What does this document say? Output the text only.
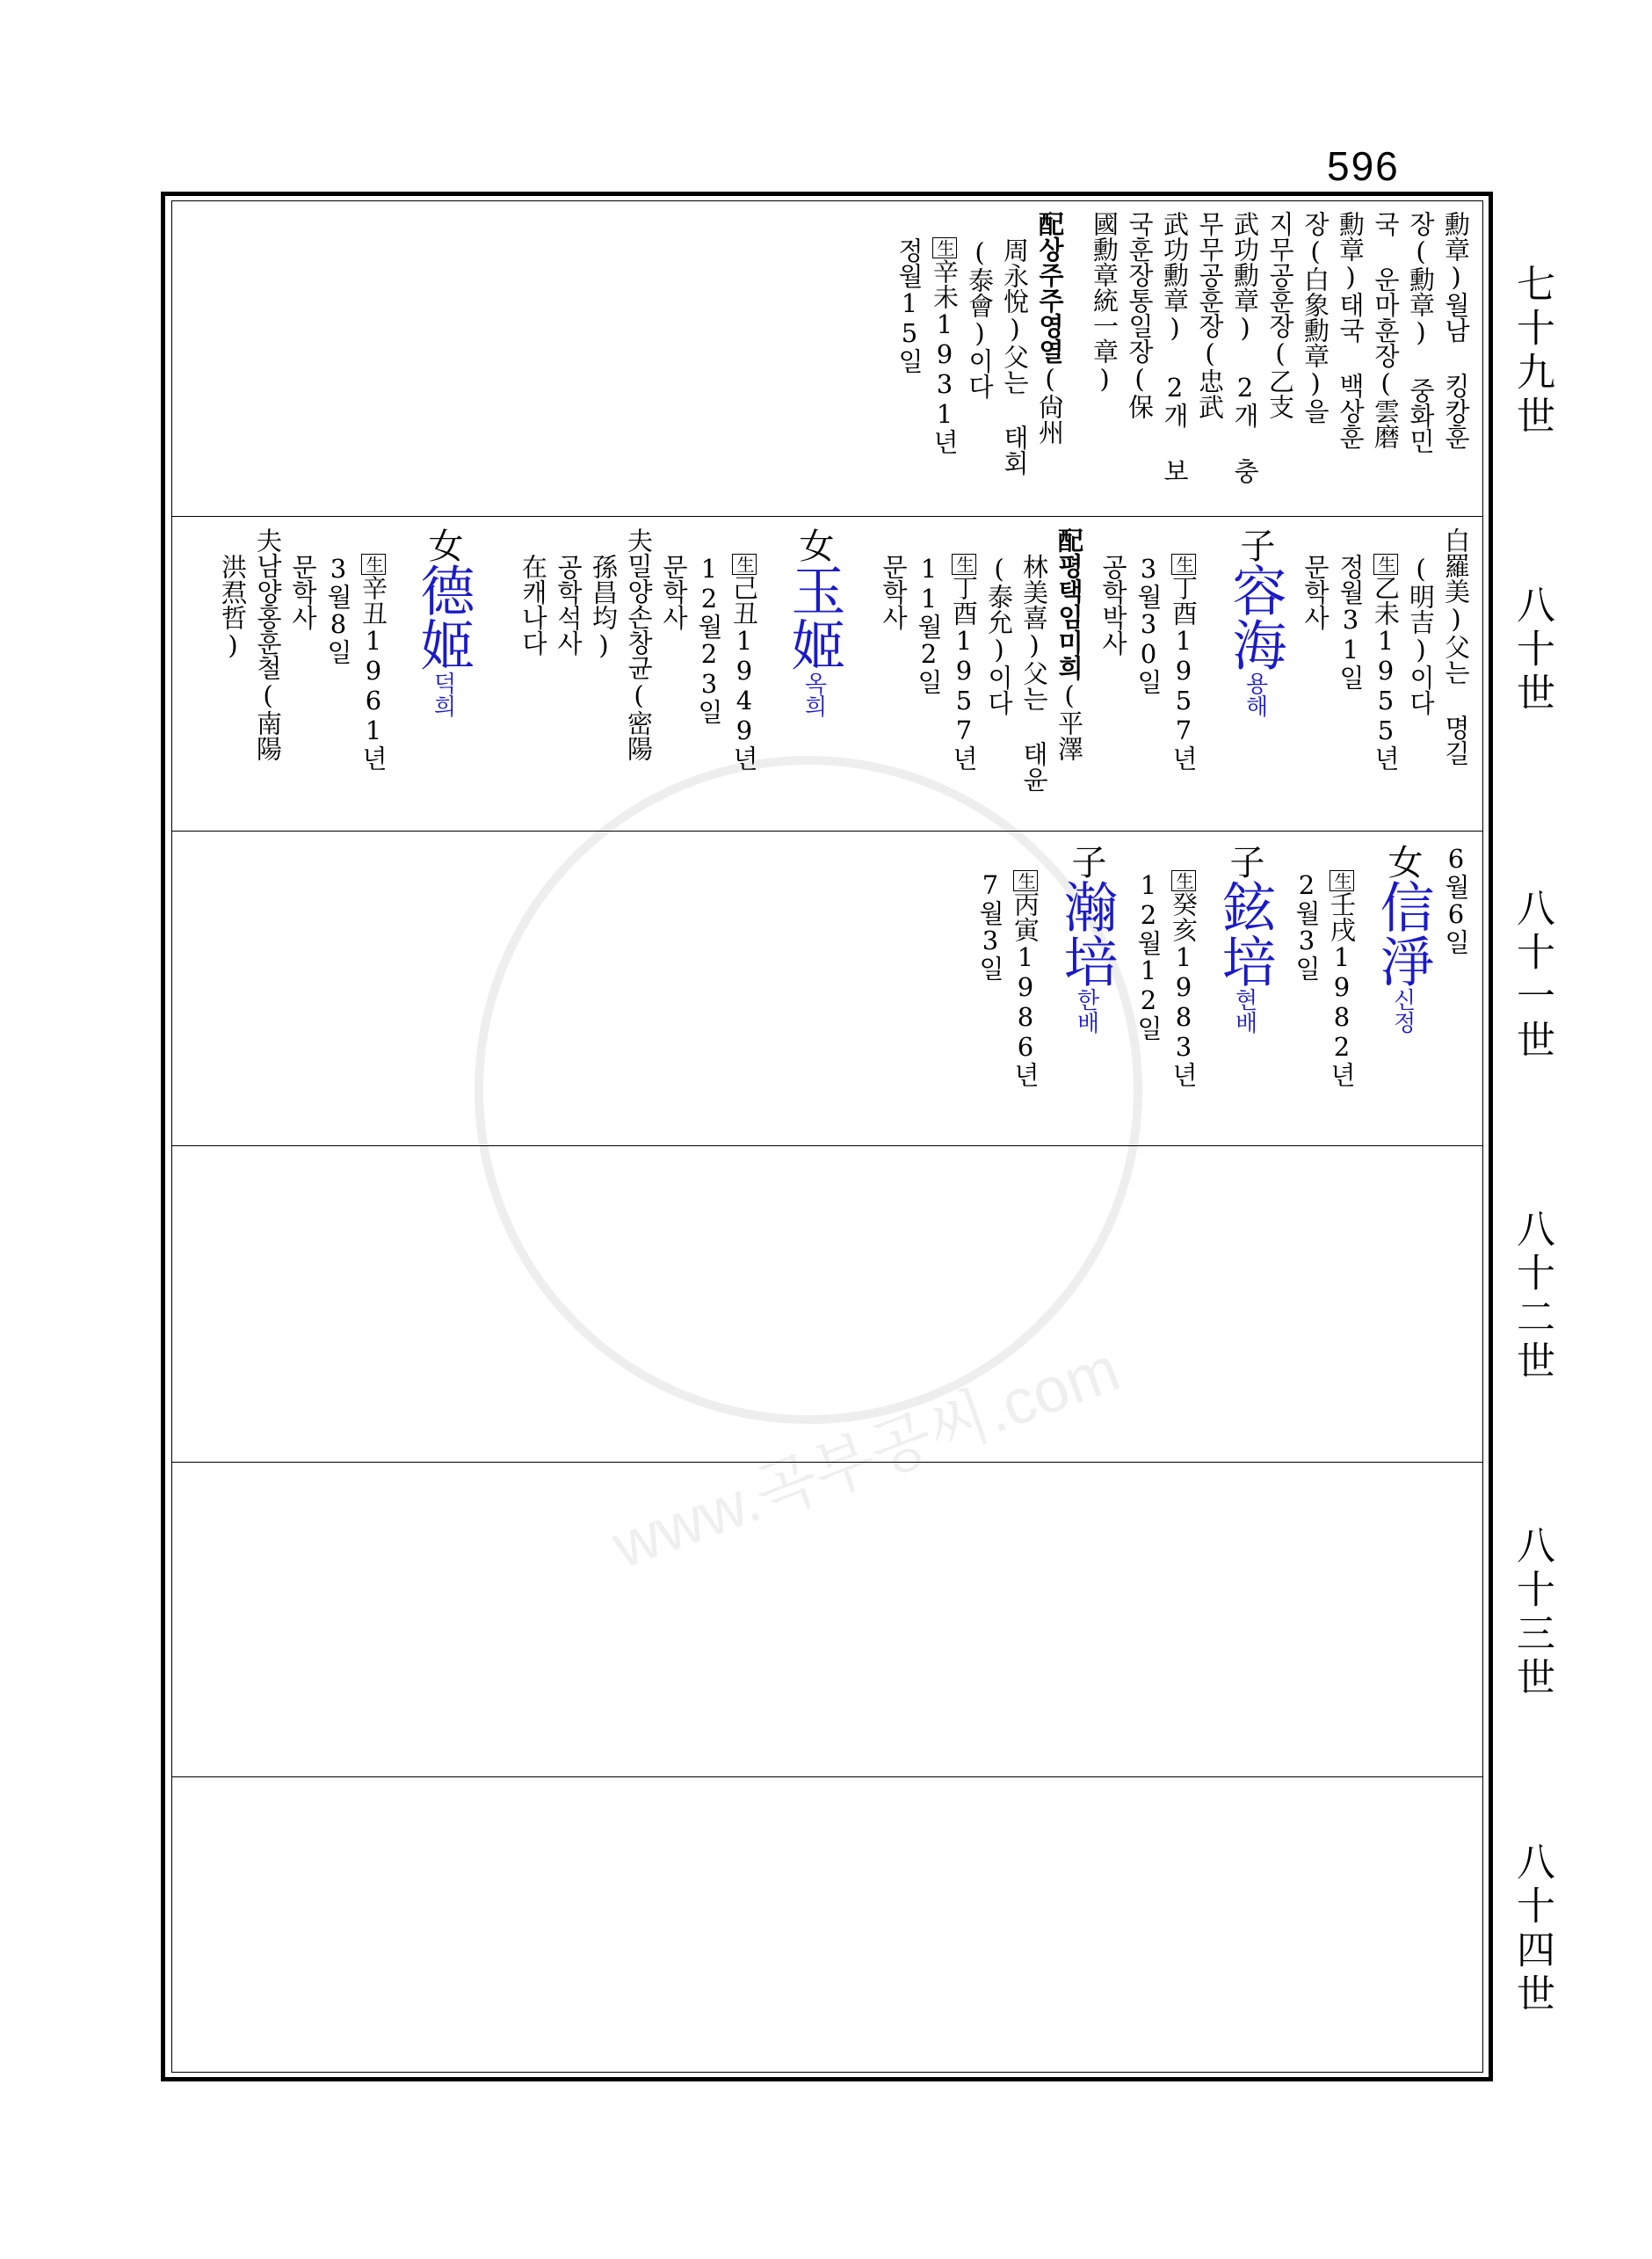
596
www.곡부공씨.com
七十九世
八十世
八十一世
八十二世
八十三世
八十四世
勳章)월남 킹캉훈
장(勳章) 중화민
국 운마훈장(雲磨
勳章)태국 백상훈
장(白象勳章)을
지무공훈장(乙支
武功勳章) 2개 충
무무공훈장(忠武
武功勳章) 2개 보
국훈장통일장(保
國勳章統一章)
配상주주영열(尙州
周永悅)父는 태회
(泰會)이다
生辛未1931년
정월15일
白羅美)父는 명길
(明吉)이다
生乙未1955년
정월31일
문학사
子容海용해
生丁酉1957년
3월30일
공학박사
配평택임미희(平澤
林美喜)父는 태윤
(泰允)이다
生丁酉1957년
11월2일
문학사
女玉姬옥희
生己丑1949년
12월23일
문학사
夫밀양손창균(密陽
孫昌均)
공학석사
在캐나다
女德姬덕희
生辛丑1961년
3월8일
문학사
夫남양홍훈철(南陽
洪焄哲)
6월6일
女信淨신정
生壬戌1982년
2월3일
子鉉培현배
生癸亥1983년
12월12일
子瀚培한배
生丙寅1986년
7월3일
